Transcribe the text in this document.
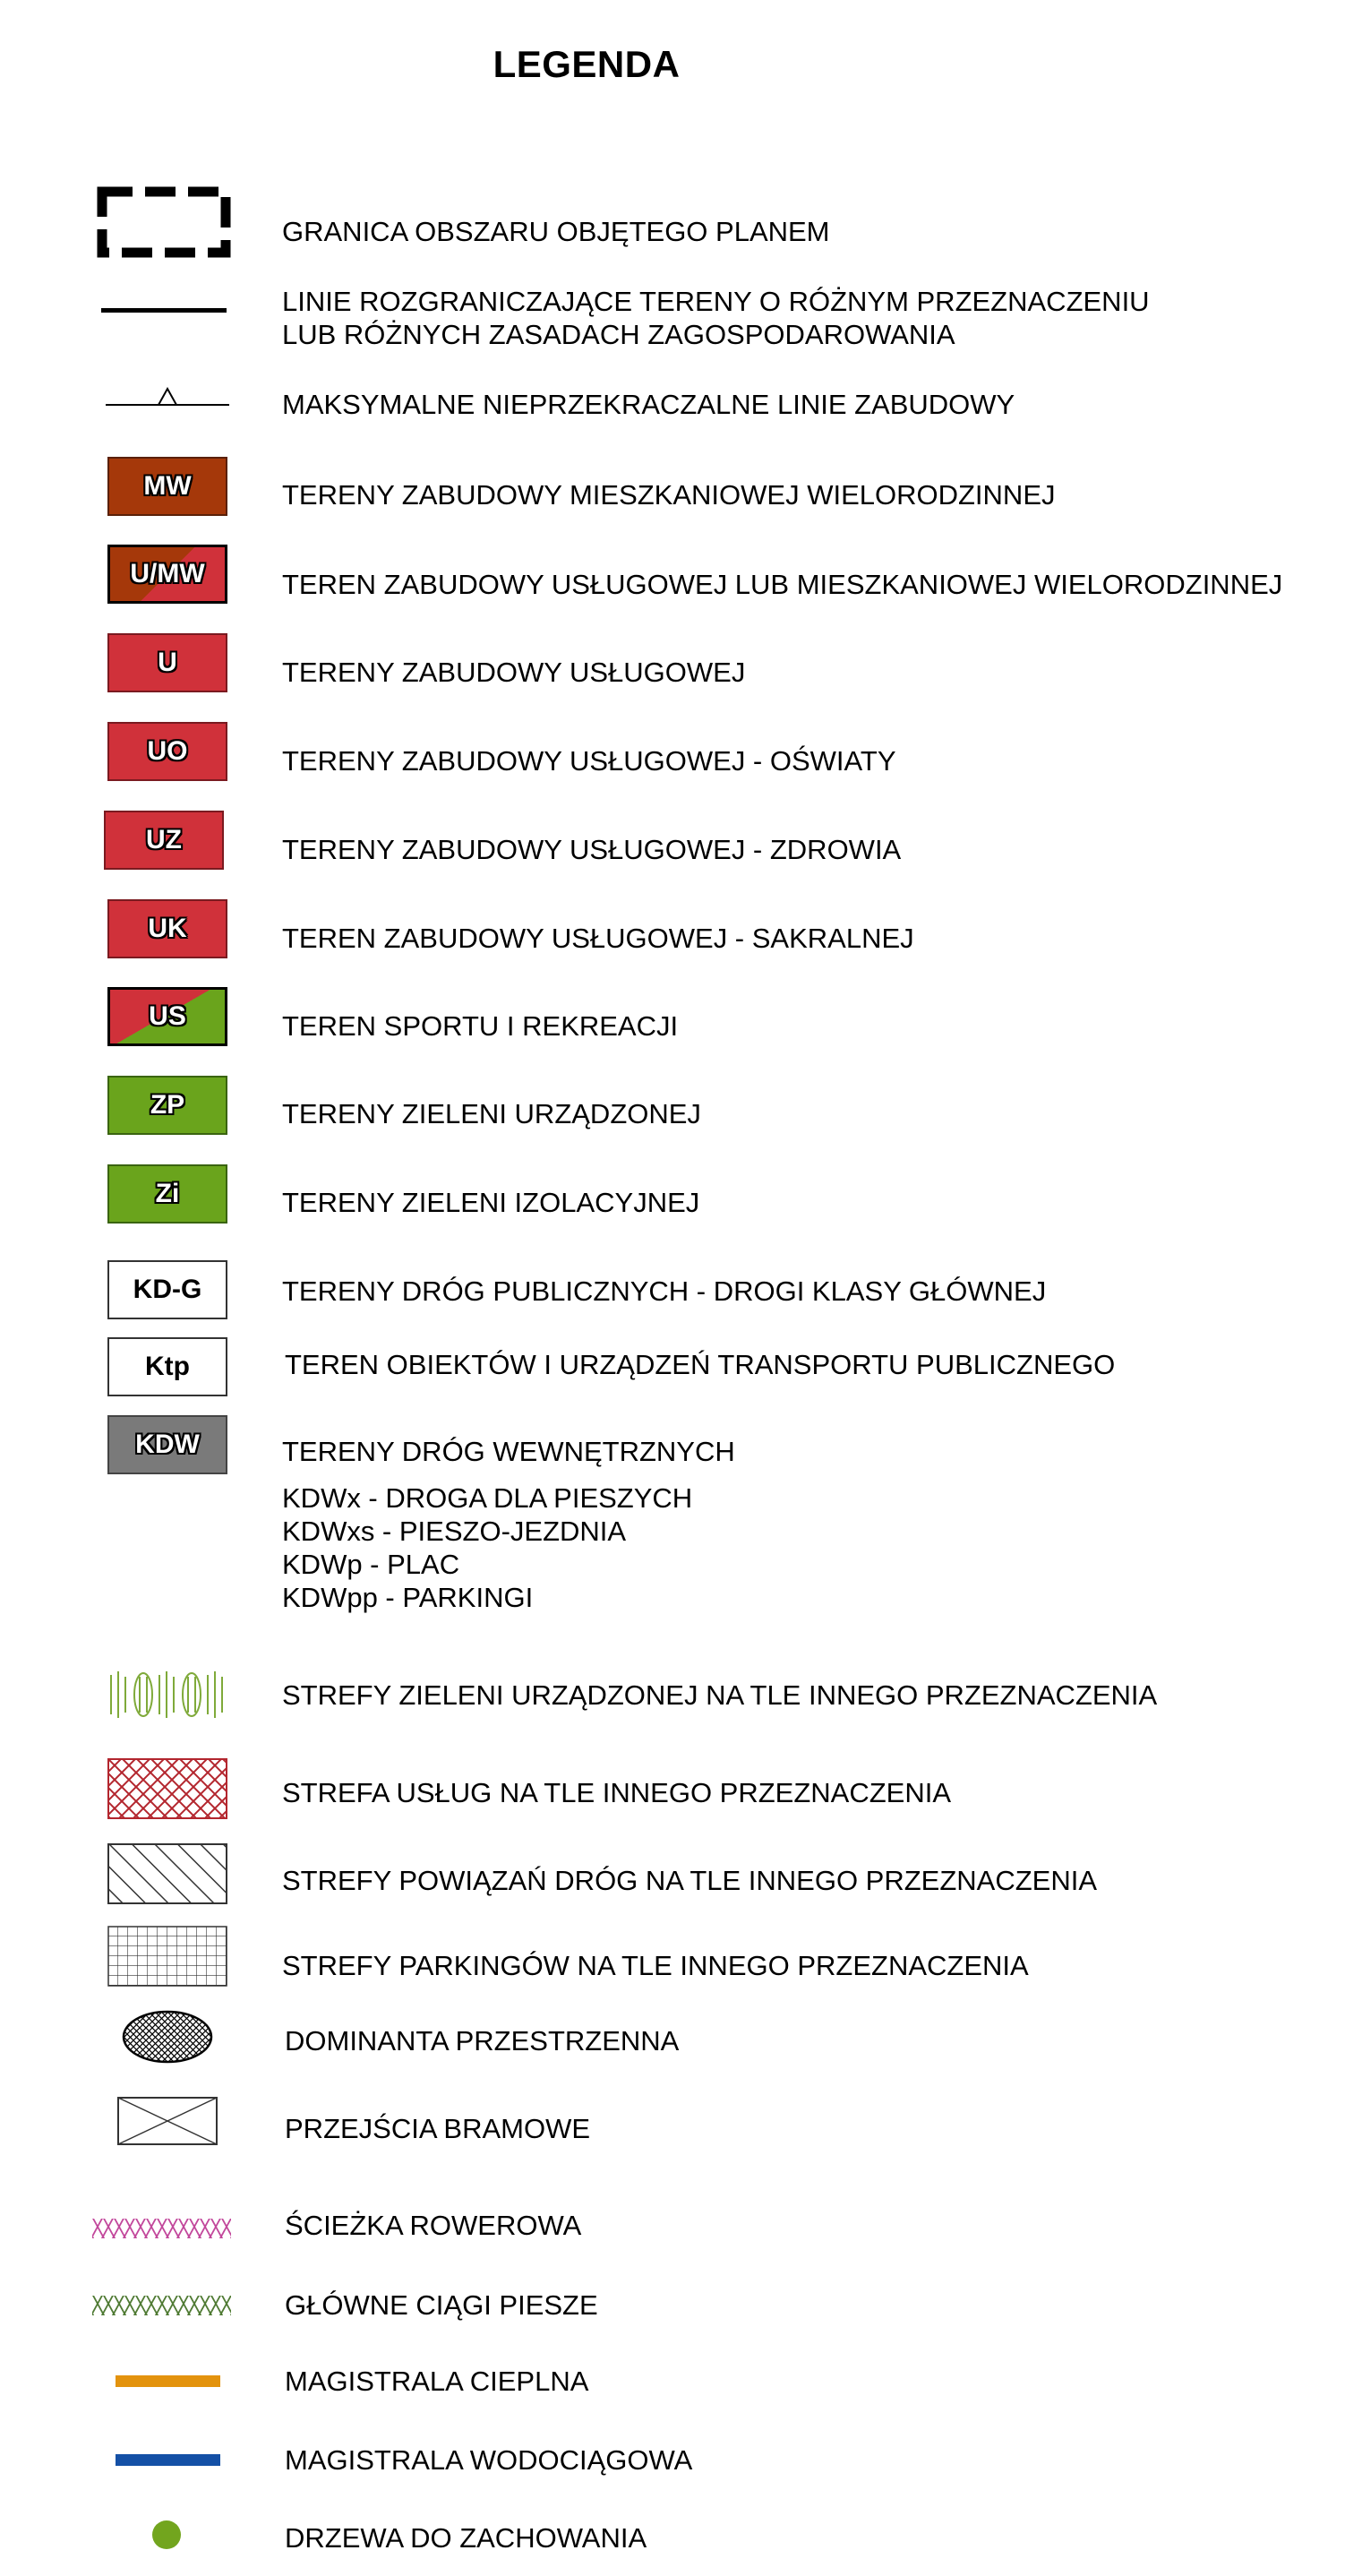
LEGENDA
GRANICA OBSZARU OBJĘTEGO PLANEM
LINIE ROZGRANICZAJĄCE TERENY O RÓŻNYM PRZEZNACZENIU
LUB RÓŻNYCH ZASADACH ZAGOSPODAROWANIA
MAKSYMALNE NIEPRZEKRACZALNE LINIE ZABUDOWY
MW	TERENY ZABUDOWY MIESZKANIOWEJ WIELORODZINNEJ
U/MW	TEREN ZABUDOWY USŁUGOWEJ LUB MIESZKANIOWEJ WIELORODZINNEJ
U	TERENY ZABUDOWY USŁUGOWEJ
UO	TERENY ZABUDOWY USŁUGOWEJ - OŚWIATY
UZ	TERENY ZABUDOWY USŁUGOWEJ - ZDROWIA
UK	TEREN ZABUDOWY USŁUGOWEJ - SAKRALNEJ
US	TEREN SPORTU I REKREACJI
ZP	TERENY ZIELENI URZĄDZONEJ
Zi	TERENY ZIELENI IZOLACYJNEJ
KD-G	TERENY DRÓG PUBLICZNYCH - DROGI KLASY GŁÓWNEJ
Ktp	TEREN OBIEKTÓW I URZĄDZEŃ TRANSPORTU PUBLICZNEGO
KDW	TERENY DRÓG WEWNĘTRZNYCH
KDWx - DROGA DLA PIESZYCH
KDWxs - PIESZO-JEZDNIA
KDWp - PLAC
KDWpp - PARKINGI
STREFY ZIELENI URZĄDZONEJ NA TLE INNEGO PRZEZNACZENIA
STREFA USŁUG NA TLE INNEGO PRZEZNACZENIA
STREFY POWIĄZAŃ DRÓG NA TLE INNEGO PRZEZNACZENIA
STREFY PARKINGÓW NA TLE INNEGO PRZEZNACZENIA
DOMINANTA PRZESTRZENNA
PRZEJŚCIA BRAMOWE
ŚCIEŻKA ROWEROWA
GŁÓWNE CIĄGI PIESZE
MAGISTRALA CIEPLNA
MAGISTRALA WODOCIĄGOWA
DRZEWA DO ZACHOWANIA
